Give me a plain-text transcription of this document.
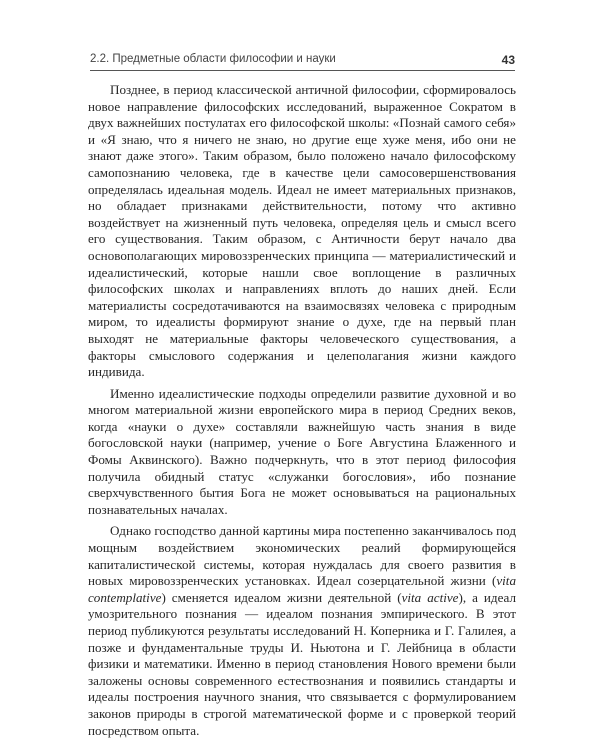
2.2. Предметные области философии и науки	43

Позднее, в период классической античной философии, сформировалось новое направление философских исследований, выраженное Сократом в двух важнейших постулатах его философской школы: «Познай самого себя» и «Я знаю, что я ничего не знаю, но другие еще хуже меня, ибо они не знают даже этого». Таким образом, было положено начало философскому самопознанию человека, где в качестве цели самосовершенствования определялась идеальная модель. Идеал не имеет материальных признаков, но обладает признаками действительности, потому что активно воздействует на жизненный путь человека, определяя цель и смысл всего его существования. Таким образом, с Античности берут начало два основополагающих мировоззренческих принципа — материалистический и идеалистический, которые нашли свое воплощение в различных философских школах и направлениях вплоть до наших дней. Если материалисты сосредотачиваются на взаимосвязях человека с природным миром, то идеалисты формируют знание о духе, где на первый план выходят не материальные факторы человеческого существования, а факторы смыслового содержания и целеполагания жизни каждого индивида.

Именно идеалистические подходы определили развитие духовной и во многом материальной жизни европейского мира в период Средних веков, когда «науки о духе» составляли важнейшую часть знания в виде богословской науки (например, учение о Боге Августина Блаженного и Фомы Аквинского). Важно подчеркнуть, что в этот период философия получила обидный статус «служанки богословия», ибо познание сверхчувственного бытия Бога не может основываться на рациональных познавательных началах.

Однако господство данной картины мира постепенно заканчивалось под мощным воздействием экономических реалий формирующейся капиталистической системы, которая нуждалась для своего развития в новых мировоззренческих установках. Идеал созерцательной жизни (vita contemplative) сменяется идеалом жизни деятельной (vita active), а идеал умозрительного познания — идеалом познания эмпирического. В этот период публикуются результаты исследований Н. Коперника и Г. Галилея, а позже и фундаментальные труды И. Ньютона и Г. Лейбница в области физики и математики. Именно в период становления Нового времени были заложены основы современного естествознания и появились стандарты и идеалы построения научного знания, что связывается с формулированием законов природы в строгой математической форме и с проверкой теорий посредством опыта.
